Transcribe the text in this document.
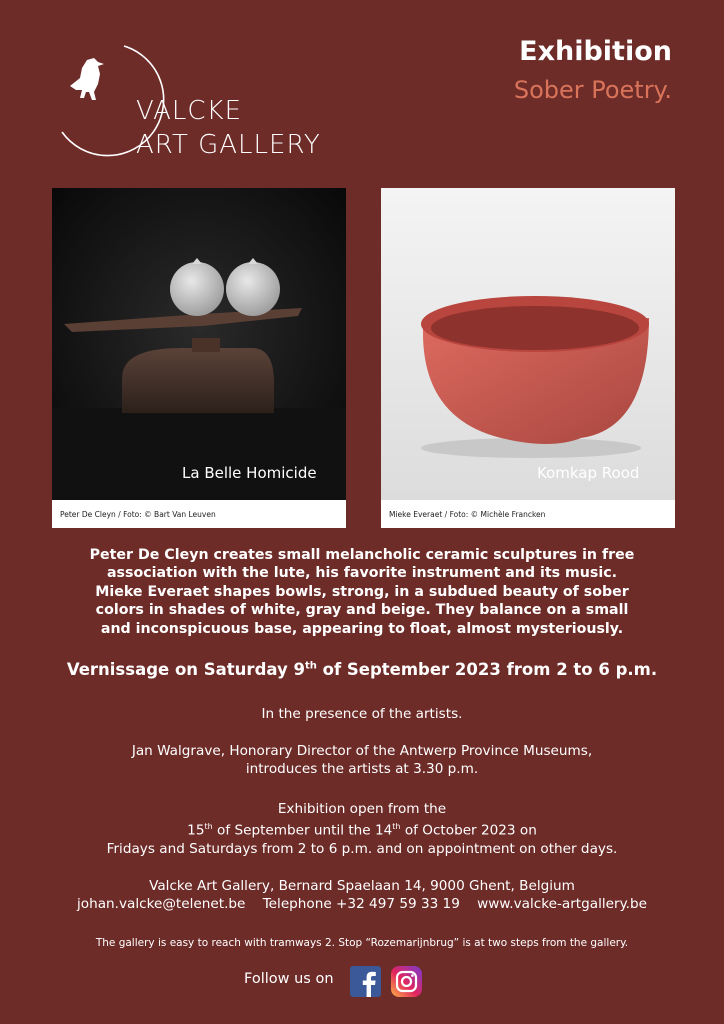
VALCKE
ART GALLERY
Exhibition
Sober Poetry.
La Belle Homicide
Peter De Cleyn / Foto: © Bart Van Leuven
Komkap Rood
Mieke Everaet / Foto: © Michèle Francken
Peter De Cleyn creates small melancholic ceramic sculptures in free
association with the lute, his favorite instrument and its music.
Mieke Everaet shapes bowls, strong, in a subdued beauty of sober
colors in shades of white, gray and beige. They balance on a small
and inconspicuous base, appearing to float, almost mysteriously.
Vernissage on Saturday 9th of September 2023 from 2 to 6 p.m.
In the presence of the artists.
Jan Walgrave, Honorary Director of the Antwerp Province Museums,
introduces the artists at 3.30 p.m.
Exhibition open from the
15th of September until the 14th of October 2023 on
Fridays and Saturdays from 2 to 6 p.m. and on appointment on other days.
Valcke Art Gallery, Bernard Spaelaan 14, 9000 Ghent, Belgium
johan.valcke@telenet.be Telephone +32 497 59 33 19 www.valcke-artgallery.be
The gallery is easy to reach with tramways 2. Stop “Rozemarijnbrug” is at two steps from the gallery.
Follow us on
